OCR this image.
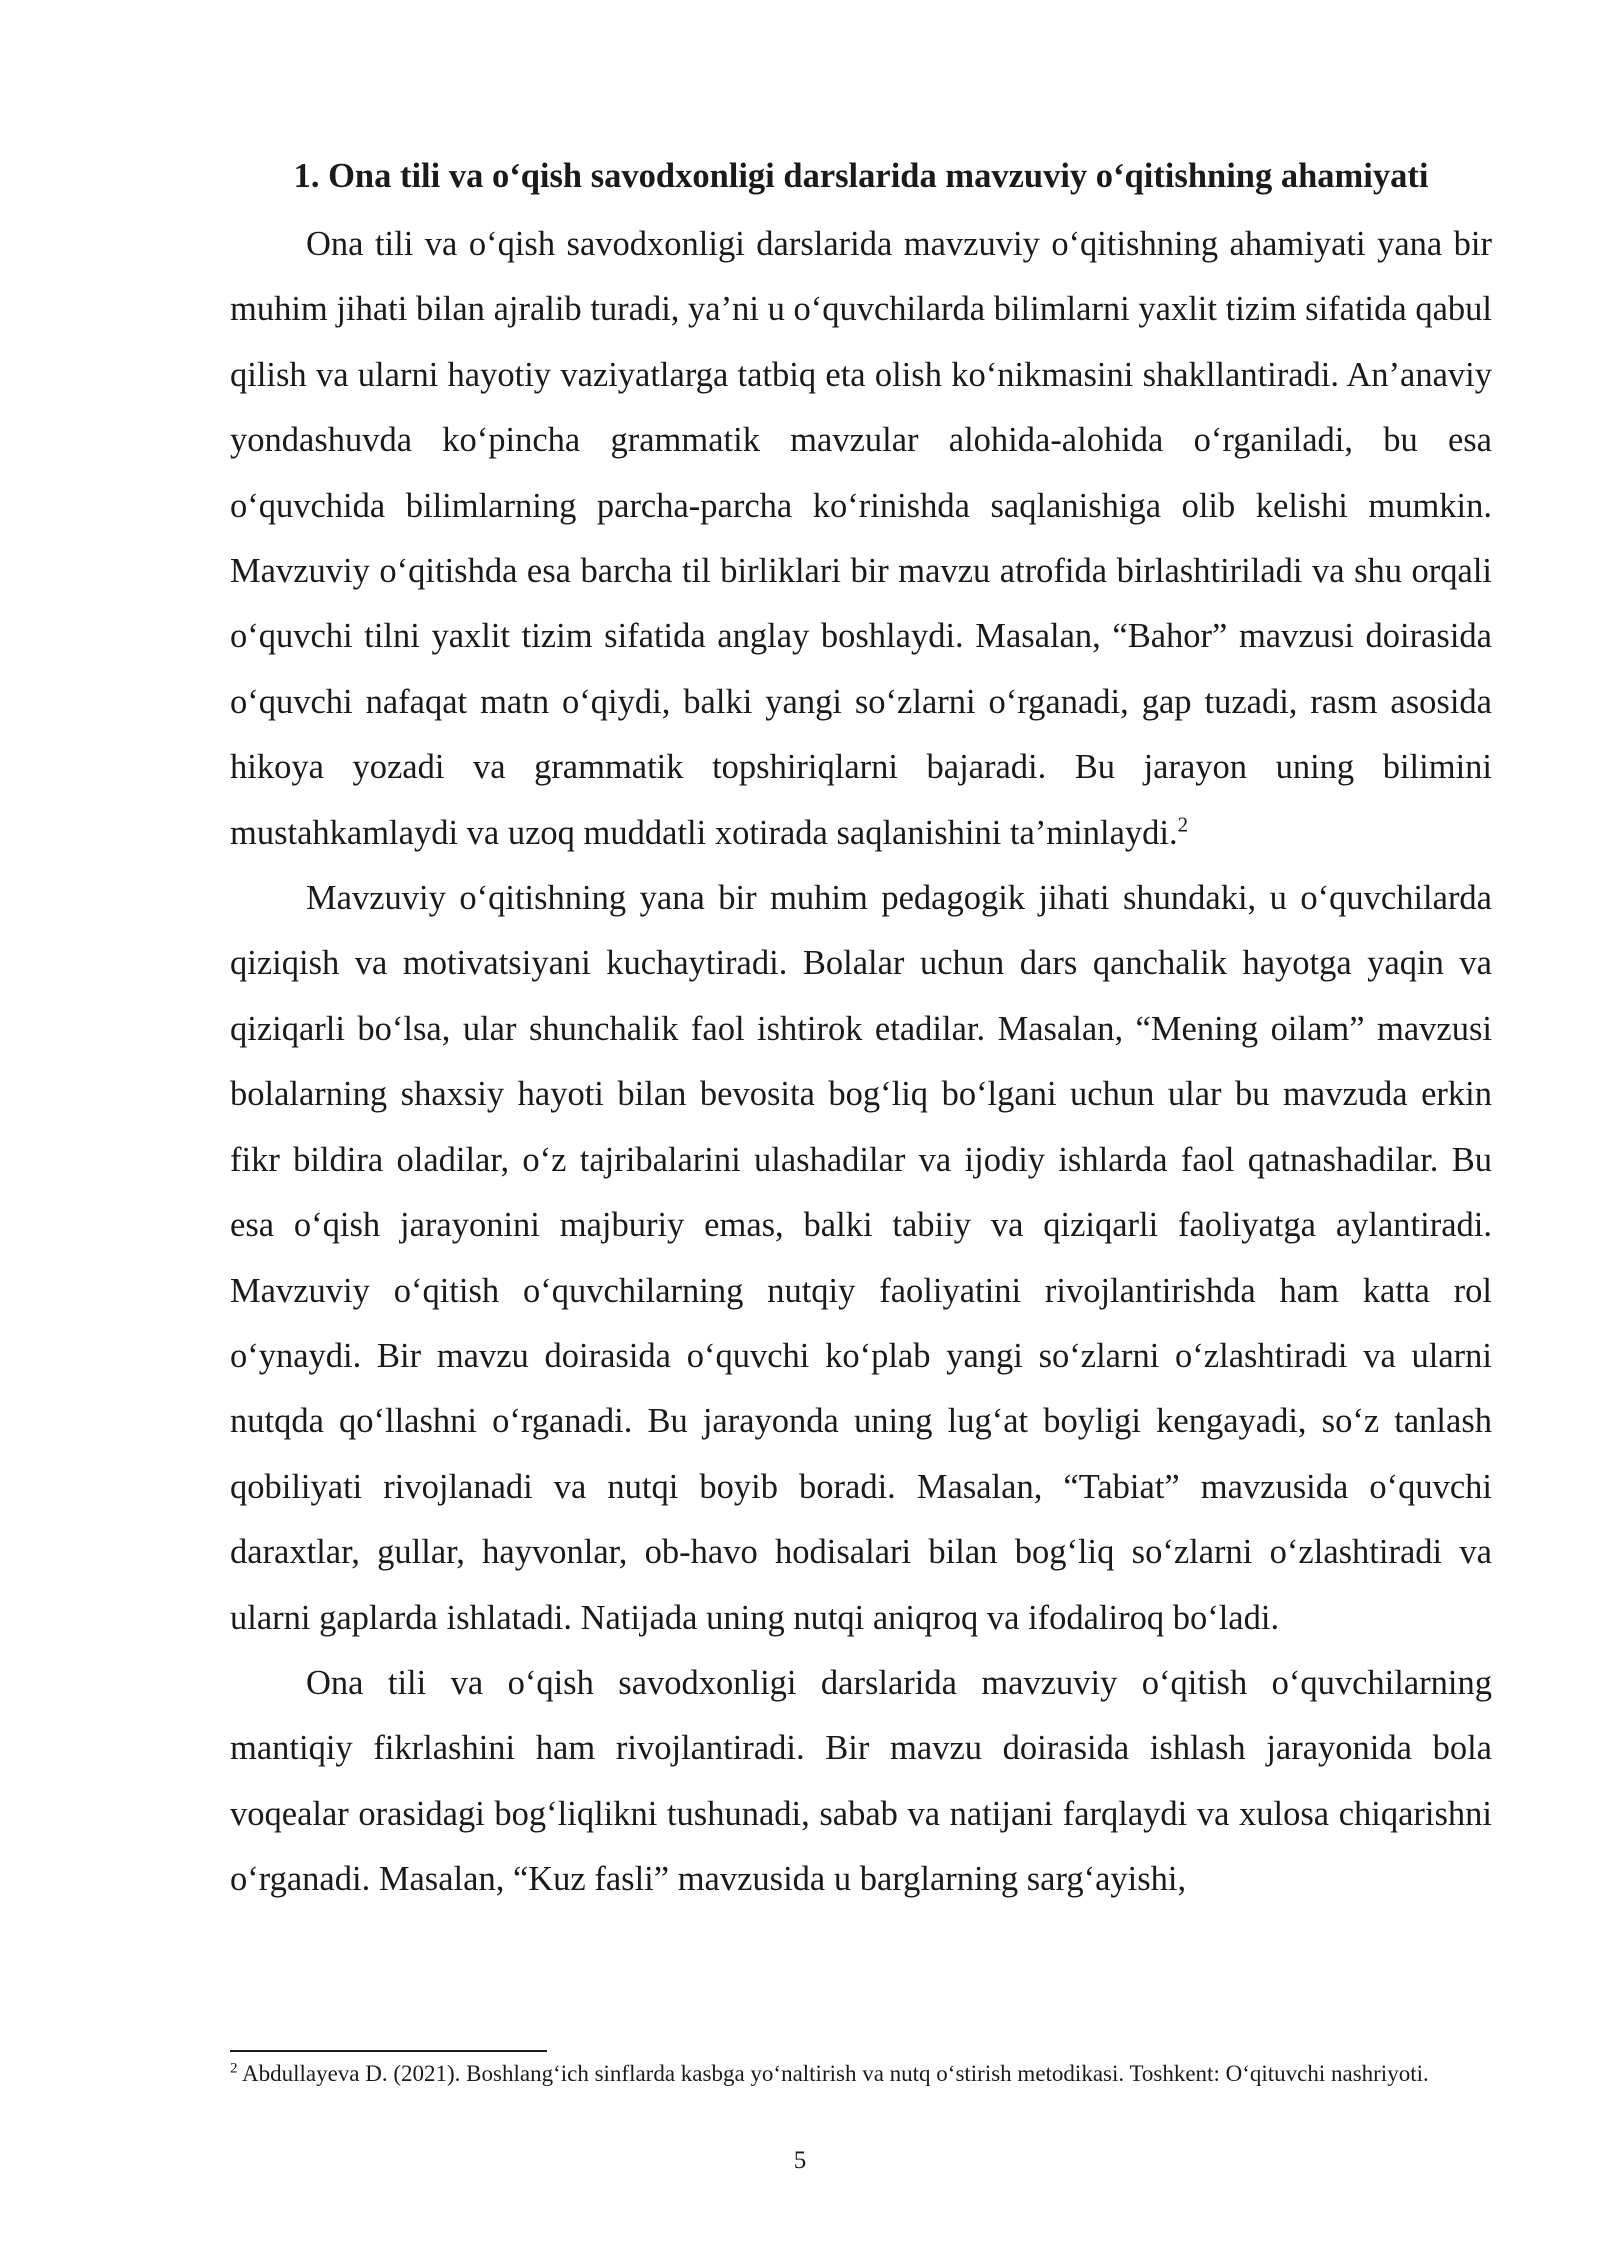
1. Ona tili va o‘qish savodxonligi darslarida mavzuviy o‘qitishning ahamiyati

Ona tili va o‘qish savodxonligi darslarida mavzuviy o‘qitishning ahamiyati yana bir muhim jihati bilan ajralib turadi, ya’ni u o‘quvchilarda bilimlarni yaxlit tizim sifatida qabul qilish va ularni hayotiy vaziyatlarga tatbiq eta olish ko‘nikmasini shakllantiradi. An’anaviy yondashuvda ko‘pincha grammatik mavzular alohida-alohida o‘rganiladi, bu esa o‘quvchida bilimlarning parcha-parcha ko‘rinishda saqlanishiga olib kelishi mumkin. Mavzuviy o‘qitishda esa barcha til birliklari bir mavzu atrofida birlashtiriladi va shu orqali o‘quvchi tilni yaxlit tizim sifatida anglay boshlaydi. Masalan, “Bahor” mavzusi doirasida o‘quvchi nafaqat matn o‘qiydi, balki yangi so‘zlarni o‘rganadi, gap tuzadi, rasm asosida hikoya yozadi va grammatik topshiriqlarni bajaradi. Bu jarayon uning bilimini mustahkamlaydi va uzoq muddatli xotirada saqlanishini ta’minlaydi.$^2$

Mavzuviy o‘qitishning yana bir muhim pedagogik jihati shundaki, u o‘quvchilarda qiziqish va motivatsiyani kuchaytiradi. Bolalar uchun dars qanchalik hayotga yaqin va qiziqarli bo‘lsa, ular shunchalik faol ishtirok etadilar. Masalan, “Mening oilam” mavzusi bolalarning shaxsiy hayoti bilan bevosita bog‘liq bo‘lgani uchun ular bu mavzuda erkin fikr bildira oladilar, o‘z tajribalarini ulashadilar va ijodiy ishlarda faol qatnashadilar. Bu esa o‘qish jarayonini majburiy emas, balki tabiiy va qiziqarli faoliyatga aylantiradi. Mavzuviy o‘qitish o‘quvchilarning nutqiy faoliyatini rivojlantirishda ham katta rol o‘ynaydi. Bir mavzu doirasida o‘quvchi ko‘plab yangi so‘zlarni o‘zlashtiradi va ularni nutqda qo‘llashni o‘rganadi. Bu jarayonda uning lug‘at boyligi kengayadi, so‘z tanlash qobiliyati rivojlanadi va nutqi boyib boradi. Masalan, “Tabiat” mavzusida o‘quvchi daraxtlar, gullar, hayvonlar, ob-havo hodisalari bilan bog‘liq so‘zlarni o‘zlashtiradi va ularni gaplarda ishlatadi. Natijada uning nutqi aniqroq va ifodaliroq bo‘ladi.

Ona tili va o‘qish savodxonligi darslarida mavzuviy o‘qitish o‘quvchilarning mantiqiy fikrlashini ham rivojlantiradi. Bir mavzu doirasida ishlash jarayonida bola voqealar orasidagi bog‘liqlikni tushunadi, sabab va natijani farqlaydi va xulosa chiqarishni o‘rganadi. Masalan, “Kuz fasli” mavzusida u barglarning sarg‘ayishi,

$^2$ Abdullayeva D. (2021). Boshlang‘ich sinflarda kasbga yo‘naltirish va nutq o‘stirish metodikasi. Toshkent: O‘qituvchi nashriyoti.

5
